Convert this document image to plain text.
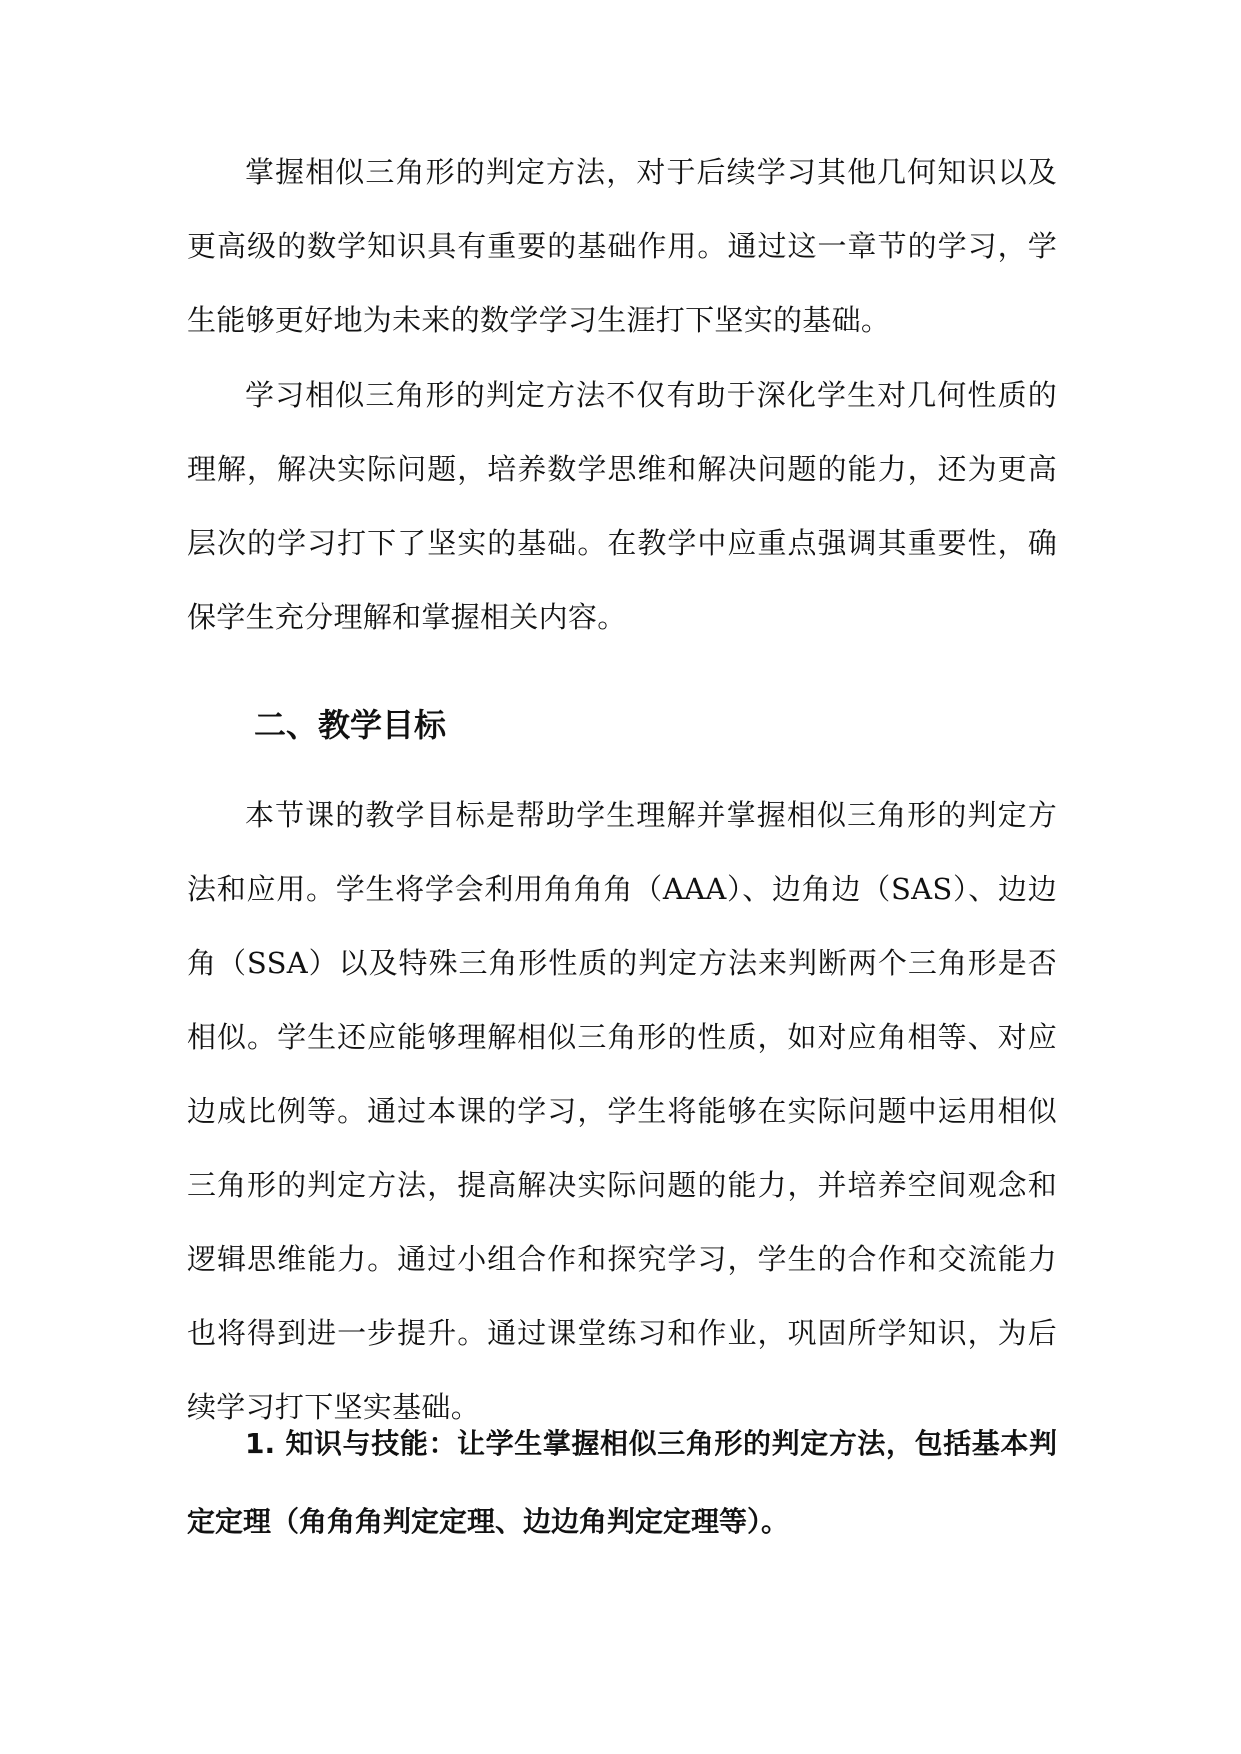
掌握相似三角形的判定方法，对于后续学习其他几何知识以及更高级的数学知识具有重要的基础作用。通过这一章节的学习，学生能够更好地为未来的数学学习生涯打下坚实的基础。

学习相似三角形的判定方法不仅有助于深化学生对几何性质的理解，解决实际问题，培养数学思维和解决问题的能力，还为更高层次的学习打下了坚实的基础。在教学中应重点强调其重要性，确保学生充分理解和掌握相关内容。

二、教学目标

本节课的教学目标是帮助学生理解并掌握相似三角形的判定方法和应用。学生将学会利用角角角（AAA）、边角边（SAS）、边边角（SSA）以及特殊三角形性质的判定方法来判断两个三角形是否相似。学生还应能够理解相似三角形的性质，如对应角相等、对应边成比例等。通过本课的学习，学生将能够在实际问题中运用相似三角形的判定方法，提高解决实际问题的能力，并培养空间观念和逻辑思维能力。通过小组合作和探究学习，学生的合作和交流能力也将得到进一步提升。通过课堂练习和作业，巩固所学知识，为后续学习打下坚实基础。

1. 知识与技能：让学生掌握相似三角形的判定方法，包括基本判定定理（角角角判定定理、边边角判定定理等）。
